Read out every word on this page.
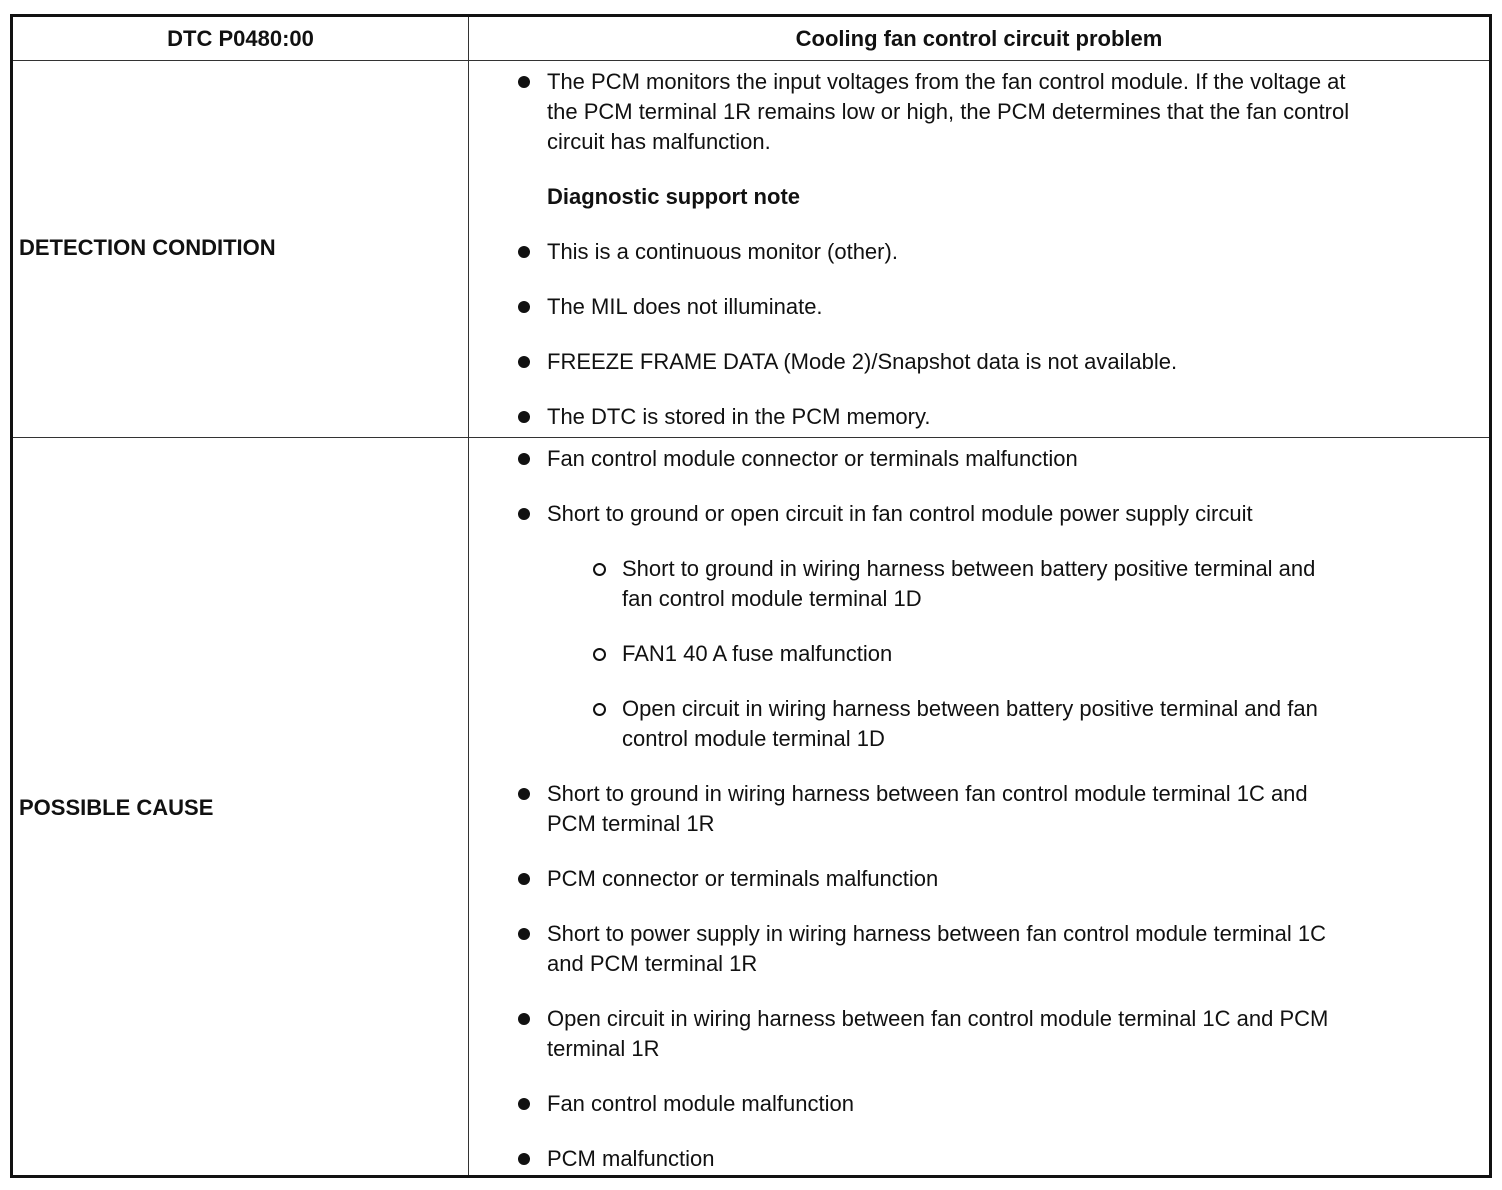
DTC P0480:00	Cooling fan control circuit problem
DETECTION CONDITION
POSSIBLE CAUSE
The PCM monitors the input voltages from the fan control module. If the voltage at
the PCM terminal 1R remains low or high, the PCM determines that the fan control
circuit has malfunction.
Diagnostic support note
This is a continuous monitor (other).
The MIL does not illuminate.
FREEZE FRAME DATA (Mode 2)/Snapshot data is not available.
The DTC is stored in the PCM memory.
Fan control module connector or terminals malfunction
Short to ground or open circuit in fan control module power supply circuit
Short to ground in wiring harness between battery positive terminal and
fan control module terminal 1D
FAN1 40 A fuse malfunction
Open circuit in wiring harness between battery positive terminal and fan
control module terminal 1D
Short to ground in wiring harness between fan control module terminal 1C and
PCM terminal 1R
PCM connector or terminals malfunction
Short to power supply in wiring harness between fan control module terminal 1C
and PCM terminal 1R
Open circuit in wiring harness between fan control module terminal 1C and PCM
terminal 1R
Fan control module malfunction
PCM malfunction
